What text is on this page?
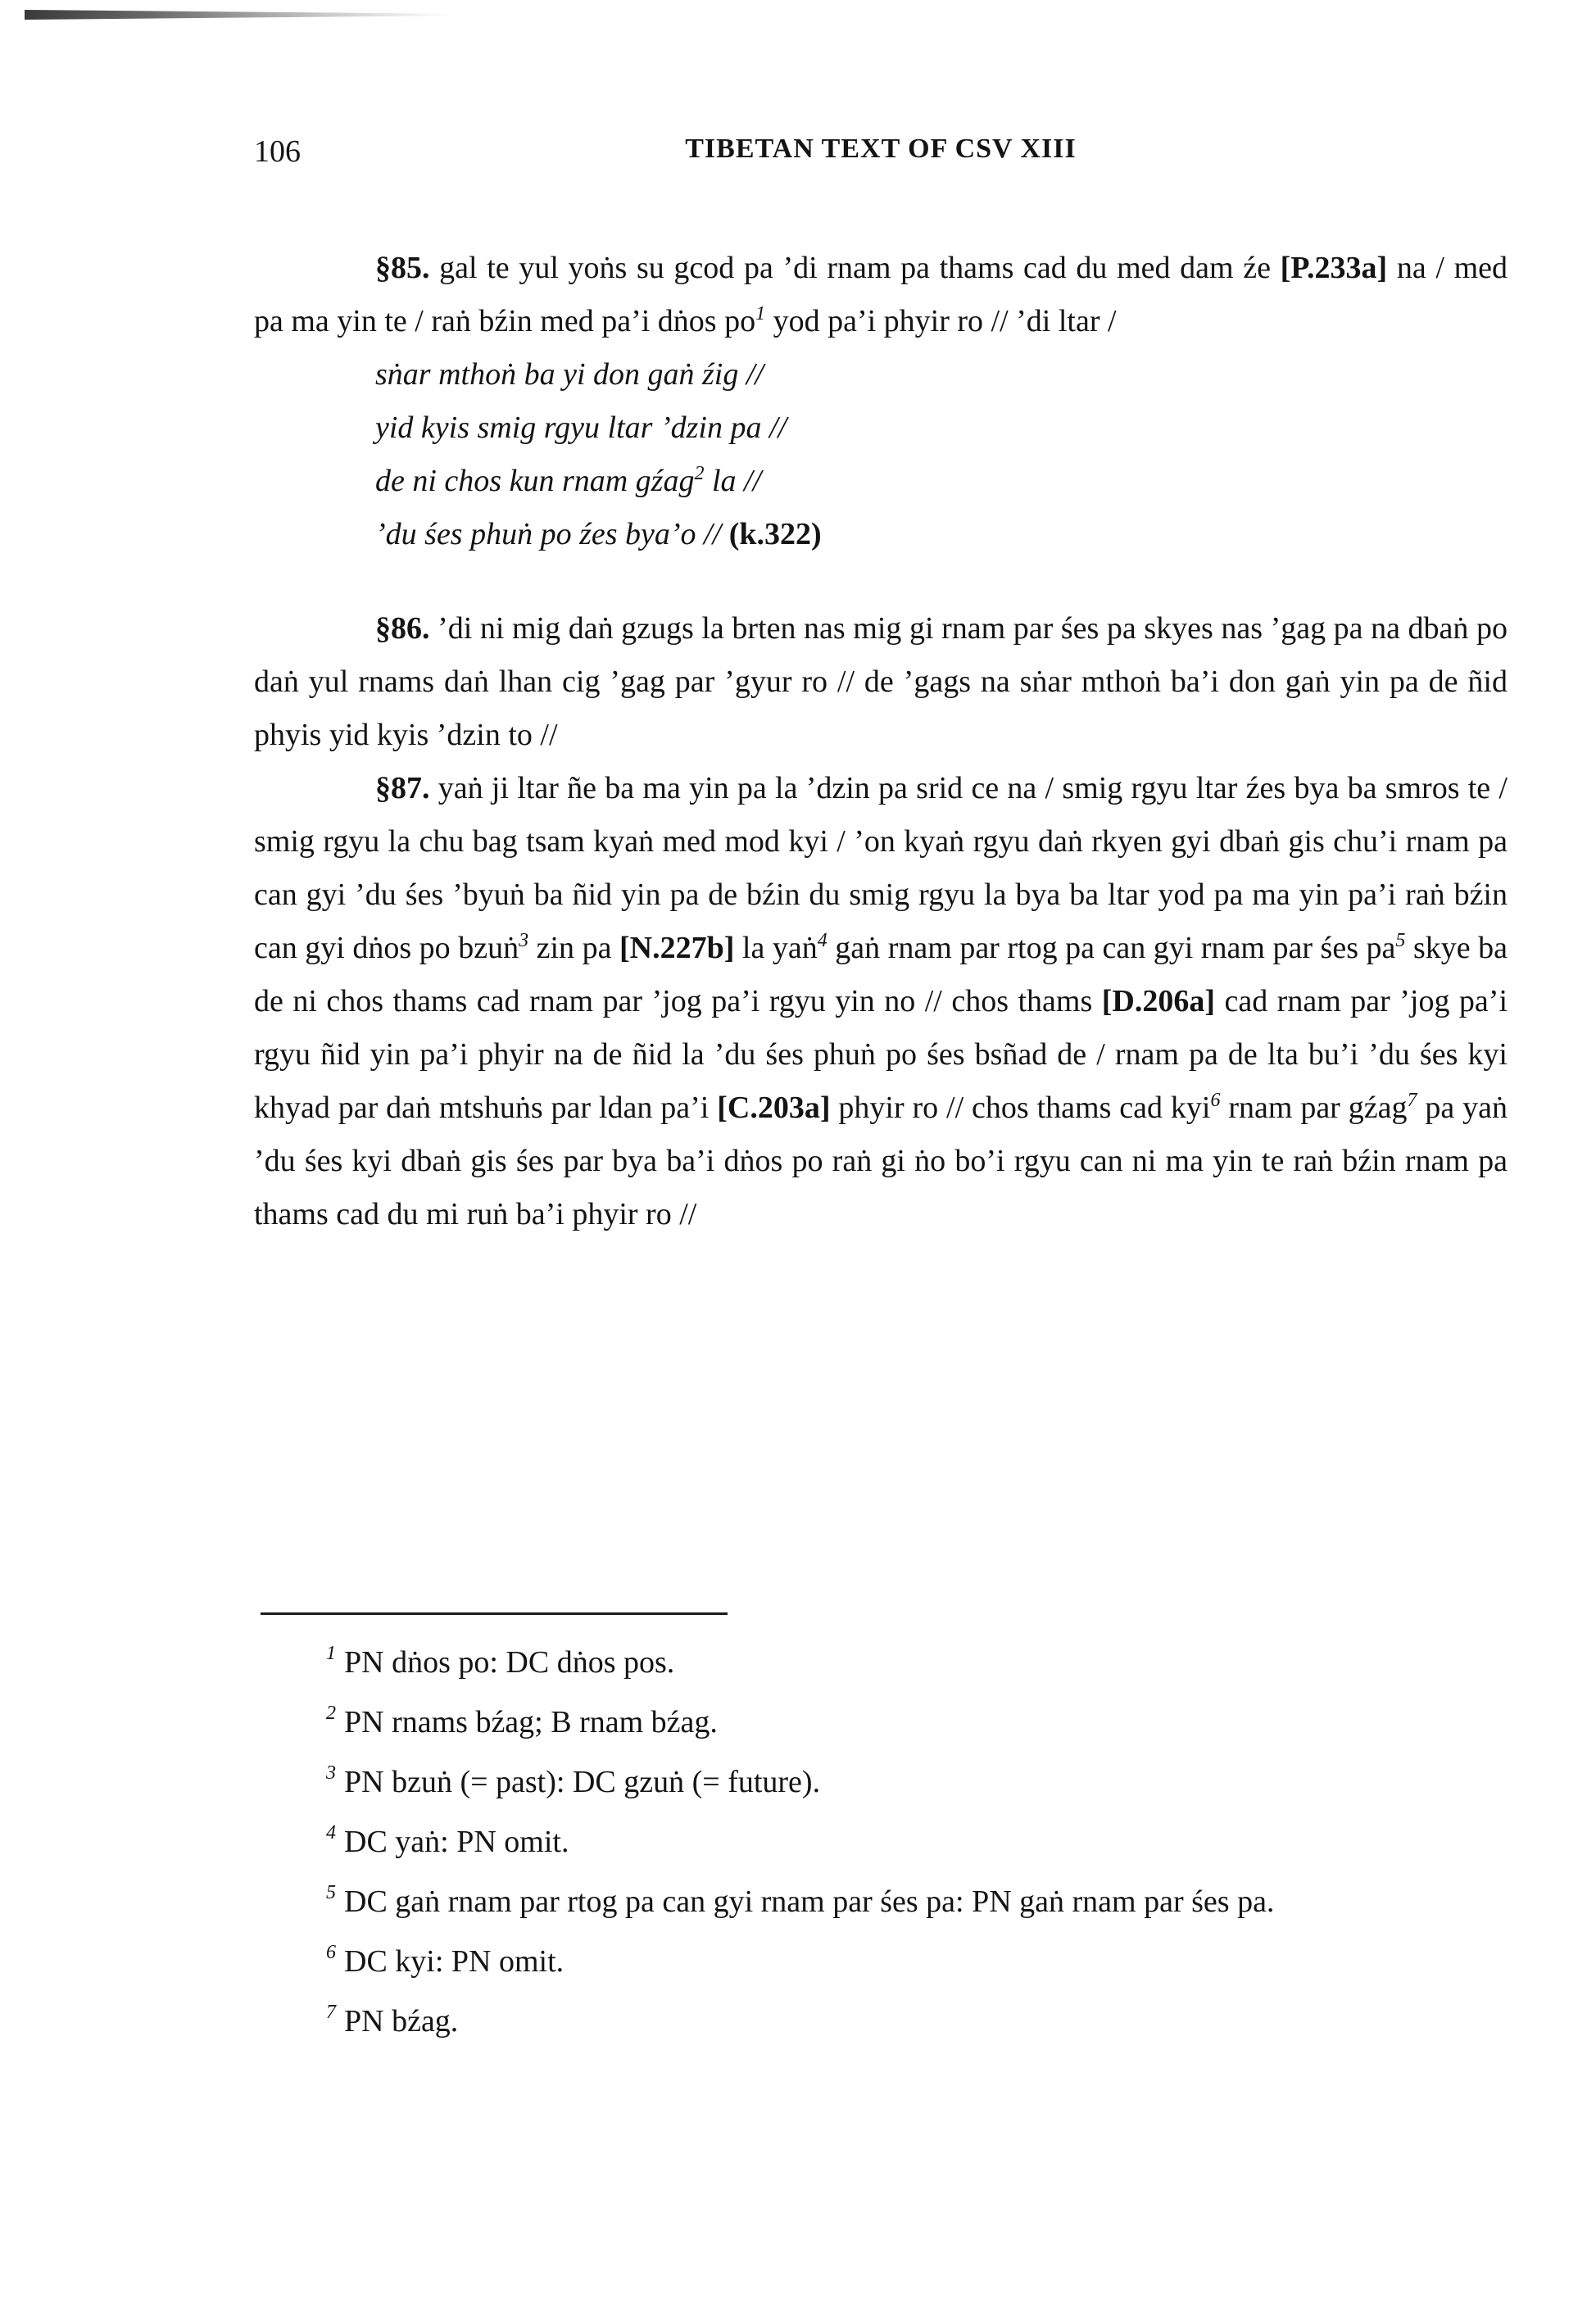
106	TIBETAN TEXT OF CSV XIII

§85. gal te yul yoṅs su gcod pa ’di rnam pa thams cad du med dam źe [P.233a] na / med pa ma yin te / raṅ bźin med pa’i dṅos $po^1$ yod pa’i phyir ro // ’di ltar /

sṅar mthoṅ ba yi don gaṅ źig //
yid kyis smig rgyu ltar ’dzin pa //
de ni chos kun rnam gźag$^2$ la //
’du śes phuṅ po źes bya’o // (k.322)

§86. ’di ni mig daṅ gzugs la brten nas mig gi rnam par śes pa skyes nas ’gag pa na dbaṅ po daṅ yul rnams daṅ lhan cig ’gag par ’gyur ro // de ’gags na sṅar mthoṅ ba’i don gaṅ yin pa de ñid phyis yid kyis ’dzin to //

§87. yaṅ ji ltar ñe ba ma yin pa la ’dzin pa srid ce na / smig rgyu ltar źes bya ba smros te / smig rgyu la chu bag tsam kyaṅ med mod kyi / ’on kyaṅ rgyu daṅ rkyen gyi dbaṅ gis chu’i rnam pa can gyi ’du śes ’byuṅ ba ñid yin pa de bźin du smig rgyu la bya ba ltar yod pa ma yin pa’i raṅ bźin can gyi dṅos po bzuṅ$^3$ zin pa [N.227b] la yaṅ$^4$ gaṅ rnam par rtog pa can gyi rnam par śes $pa^5$ skye ba de ni chos thams cad rnam par ’jog pa’i rgyu yin no // chos thams [D.206a] cad rnam par ’jog pa’i rgyu ñid yin pa’i phyir na de ñid la ’du śes phuṅ po śes bsñad de / rnam pa de lta bu’i ’du śes kyi khyad par daṅ mtshuṅs par ldan pa’i [C.203a] phyir ro // chos thams cad kyi$^6$ rnam par gźag$^7$ pa yaṅ ’du śes kyi dbaṅ gis śes par bya ba’i dṅos po raṅ gi ṅo bo’i rgyu can ni ma yin te raṅ bźin rnam pa thams cad du mi ruṅ ba’i phyir ro //

$^1$ PN dṅos po: DC dṅos pos.

$^2$ PN rnams bźag; B rnam bźag.

$^3$ PN bzuṅ (= past): DC gzuṅ (= future).

$^4$ DC yaṅ: PN omit.

$^5$ DC gaṅ rnam par rtog pa can gyi rnam par śes pa: PN gaṅ rnam par śes pa.

$^6$ DC kyi: PN omit.

$^7$ PN bźag.
